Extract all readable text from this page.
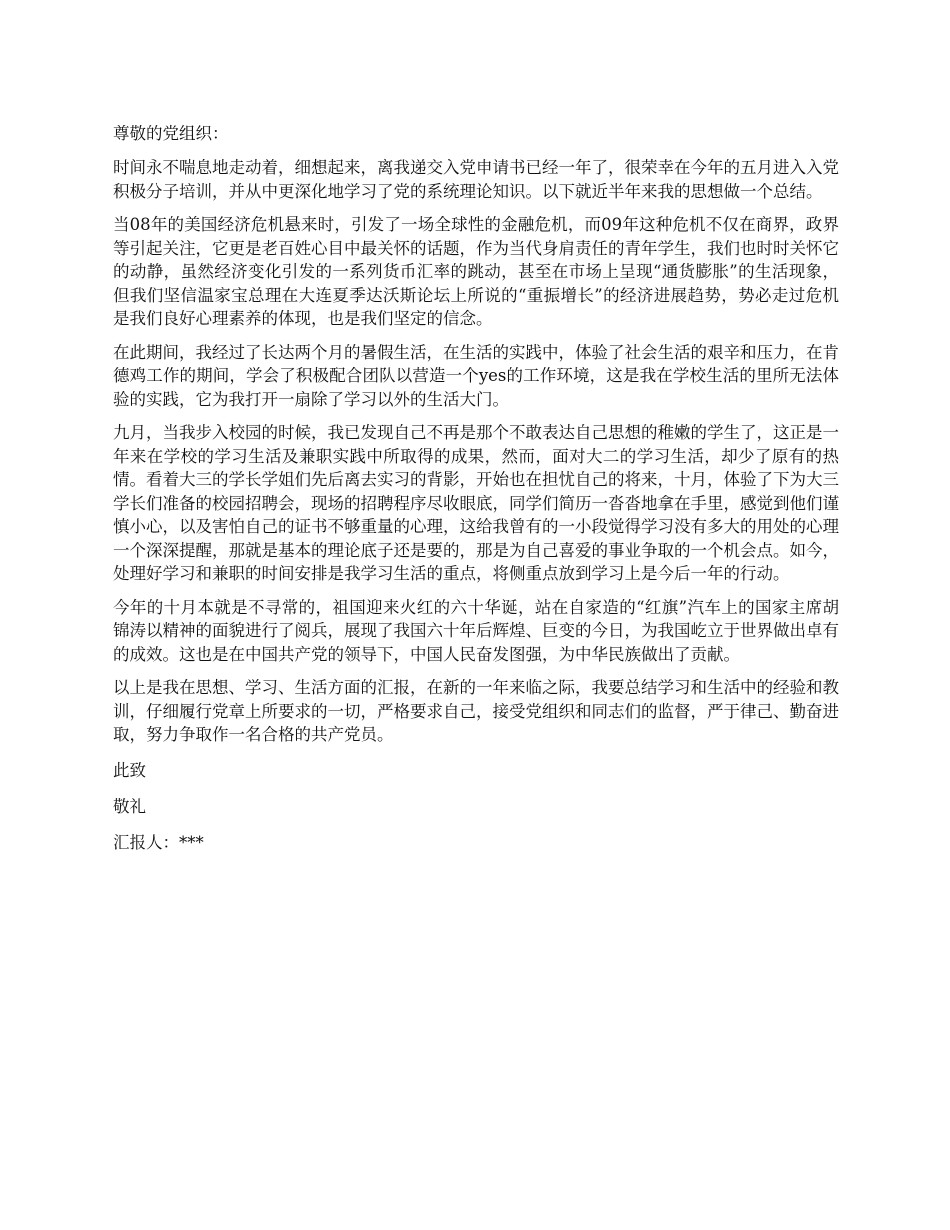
尊敬的党组织：

时间永不喘息地走动着，细想起来，离我递交入党申请书已经一年了，很荣幸在今年的五月进入入党积极分子培训，并从中更深化地学习了党的系统理论知识。以下就近半年来我的思想做一个总结。

当08年的美国经济危机悬来时，引发了一场全球性的金融危机，而09年这种危机不仅在商界，政界等引起关注，它更是老百姓心目中最关怀的话题，作为当代身肩责任的青年学生，我们也时时关怀它的动静，虽然经济变化引发的一系列货币汇率的跳动，甚至在市场上呈现“通货膨胀”的生活现象，但我们坚信温家宝总理在大连夏季达沃斯论坛上所说的“重振增长”的经济进展趋势，势必走过危机是我们良好心理素养的体现，也是我们坚定的信念。

在此期间，我经过了长达两个月的暑假生活，在生活的实践中，体验了社会生活的艰辛和压力，在肯德鸡工作的期间，学会了积极配合团队以营造一个yes的工作环境，这是我在学校生活的里所无法体验的实践，它为我打开一扇除了学习以外的生活大门。

九月，当我步入校园的时候，我已发现自己不再是那个不敢表达自己思想的稚嫩的学生了，这正是一年来在学校的学习生活及兼职实践中所取得的成果，然而，面对大二的学习生活，却少了原有的热情。看着大三的学长学姐们先后离去实习的背影，开始也在担忧自己的将来，十月，体验了下为大三学长们准备的校园招聘会，现场的招聘程序尽收眼底，同学们简历一沓沓地拿在手里，感觉到他们谨慎小心，以及害怕自己的证书不够重量的心理，这给我曾有的一小段觉得学习没有多大的用处的心理一个深深提醒，那就是基本的理论底子还是要的，那是为自己喜爱的事业争取的一个机会点。如今，处理好学习和兼职的时间安排是我学习生活的重点，将侧重点放到学习上是今后一年的行动。

今年的十月本就是不寻常的，祖国迎来火红的六十华诞，站在自家造的“红旗”汽车上的国家主席胡锦涛以精神的面貌进行了阅兵，展现了我国六十年后辉煌、巨变的今日，为我国屹立于世界做出卓有的成效。这也是在中国共产党的领导下，中国人民奋发图强，为中华民族做出了贡献。

以上是我在思想、学习、生活方面的汇报，在新的一年来临之际，我要总结学习和生活中的经验和教训，仔细履行党章上所要求的一切，严格要求自己，接受党组织和同志们的监督，严于律己、勤奋进取，努力争取作一名合格的共产党员。

此致

敬礼

汇报人：***
